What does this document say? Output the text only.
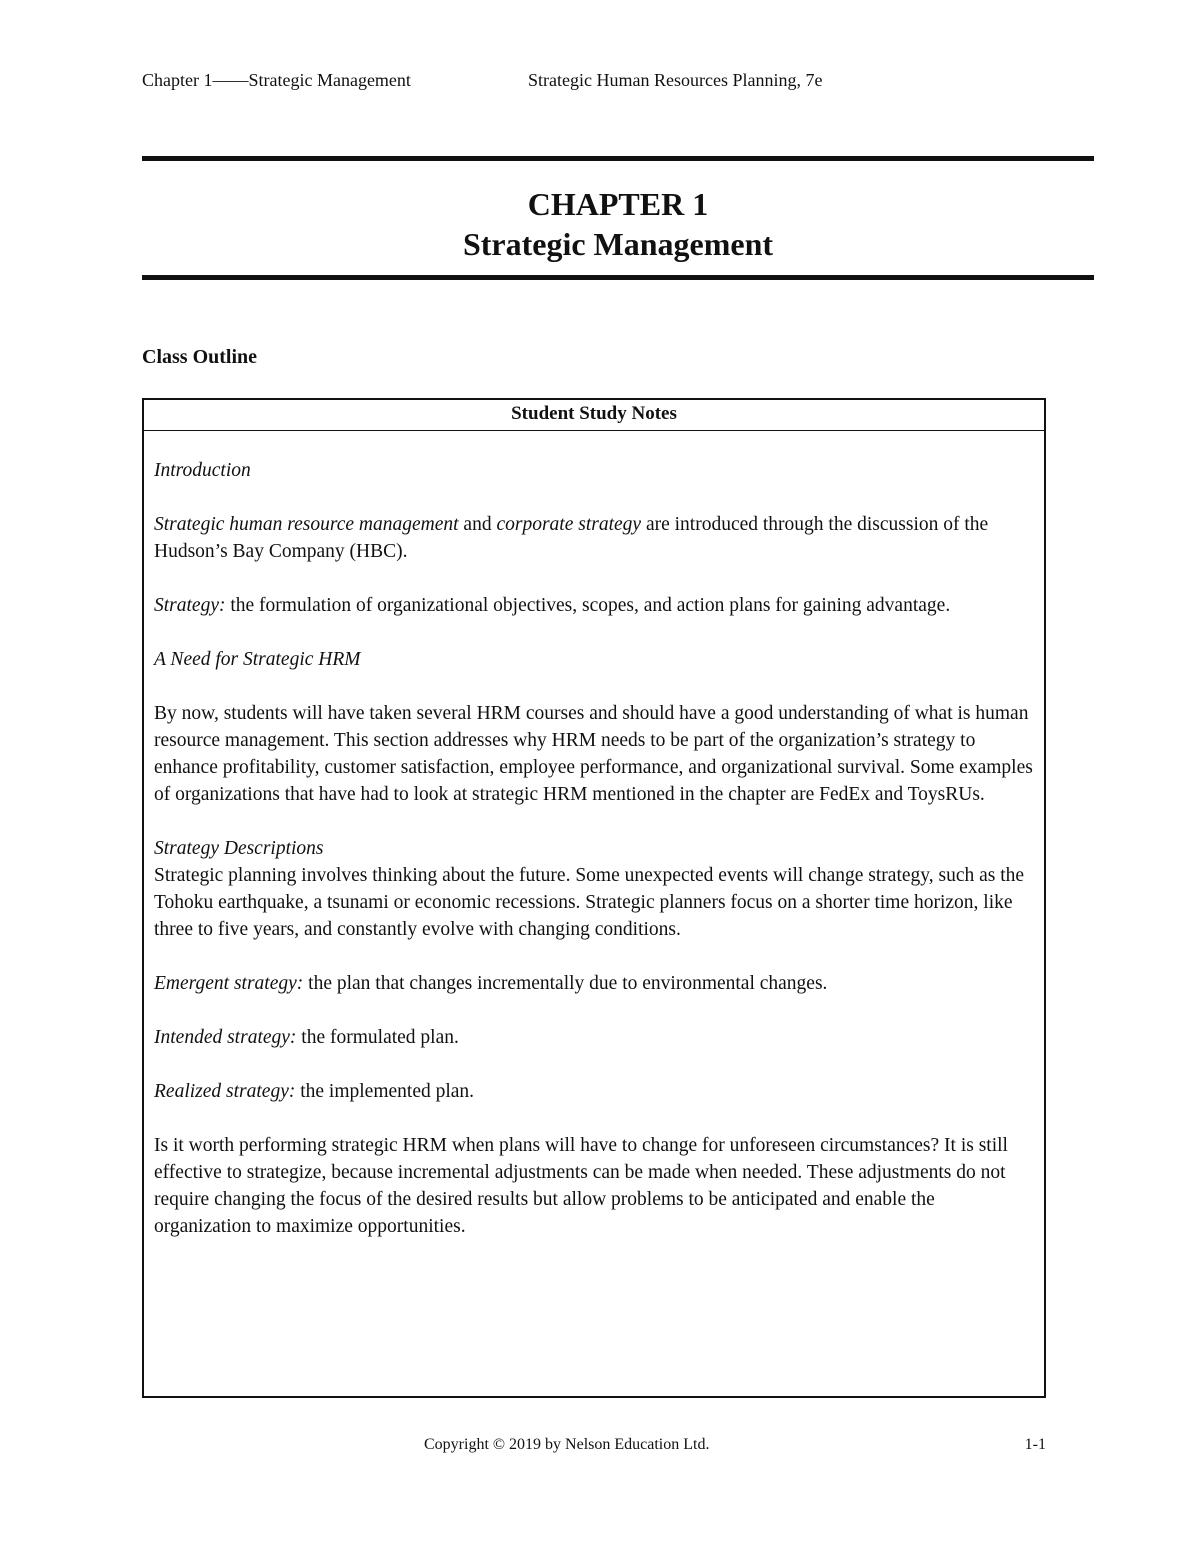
Chapter 1——Strategic Management	Strategic Human Resources Planning, 7e
CHAPTER 1
Strategic Management
Class Outline
Student Study Notes

Introduction

Strategic human resource management and corporate strategy are introduced through the discussion of the Hudson’s Bay Company (HBC).

Strategy: the formulation of organizational objectives, scopes, and action plans for gaining advantage.

A Need for Strategic HRM

By now, students will have taken several HRM courses and should have a good understanding of what is human resource management. This section addresses why HRM needs to be part of the organization’s strategy to enhance profitability, customer satisfaction, employee performance, and organizational survival. Some examples of organizations that have had to look at strategic HRM mentioned in the chapter are FedEx and ToysRUs.

Strategy Descriptions

Strategic planning involves thinking about the future. Some unexpected events will change strategy, such as the Tohoku earthquake, a tsunami or economic recessions. Strategic planners focus on a shorter time horizon, like three to five years, and constantly evolve with changing conditions.

Emergent strategy: the plan that changes incrementally due to environmental changes.

Intended strategy: the formulated plan.

Realized strategy: the implemented plan.

Is it worth performing strategic HRM when plans will have to change for unforeseen circumstances? It is still effective to strategize, because incremental adjustments can be made when needed. These adjustments do not require changing the focus of the desired results but allow problems to be anticipated and enable the organization to maximize opportunities.

Copyright © 2019 by Nelson Education Ltd.	1-1
